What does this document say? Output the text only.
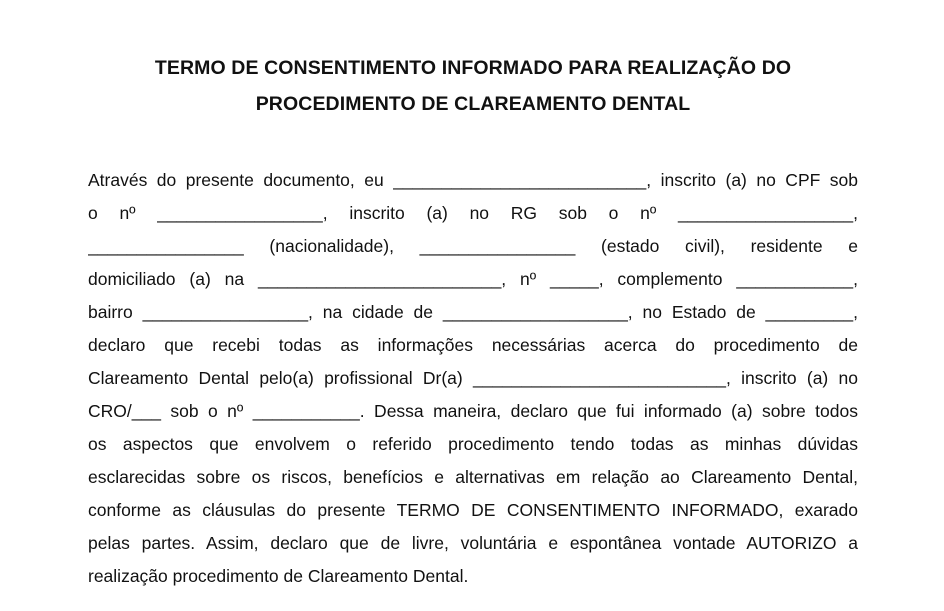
TERMO DE CONSENTIMENTO INFORMADO PARA REALIZAÇÃO DO
PROCEDIMENTO DE CLAREAMENTO DENTAL
Através do presente documento, eu __________________________, inscrito (a) no CPF sob
o nº _________________, inscrito (a) no RG sob o nº __________________,
________________ (nacionalidade), ________________ (estado civil), residente e
domiciliado (a) na _________________________, nº _____, complemento ____________,
bairro _________________, na cidade de ___________________, no Estado de _________,
declaro que recebi todas as informações necessárias acerca do procedimento de
Clareamento Dental pelo(a) profissional Dr(a) __________________________, inscrito (a) no
CRO/___ sob o nº ___________. Dessa maneira, declaro que fui informado (a) sobre todos
os aspectos que envolvem o referido procedimento tendo todas as minhas dúvidas
esclarecidas sobre os riscos, benefícios e alternativas em relação ao Clareamento Dental,
conforme as cláusulas do presente TERMO DE CONSENTIMENTO INFORMADO, exarado
pelas partes. Assim, declaro que de livre, voluntária e espontânea vontade AUTORIZO a
realização procedimento de Clareamento Dental.
